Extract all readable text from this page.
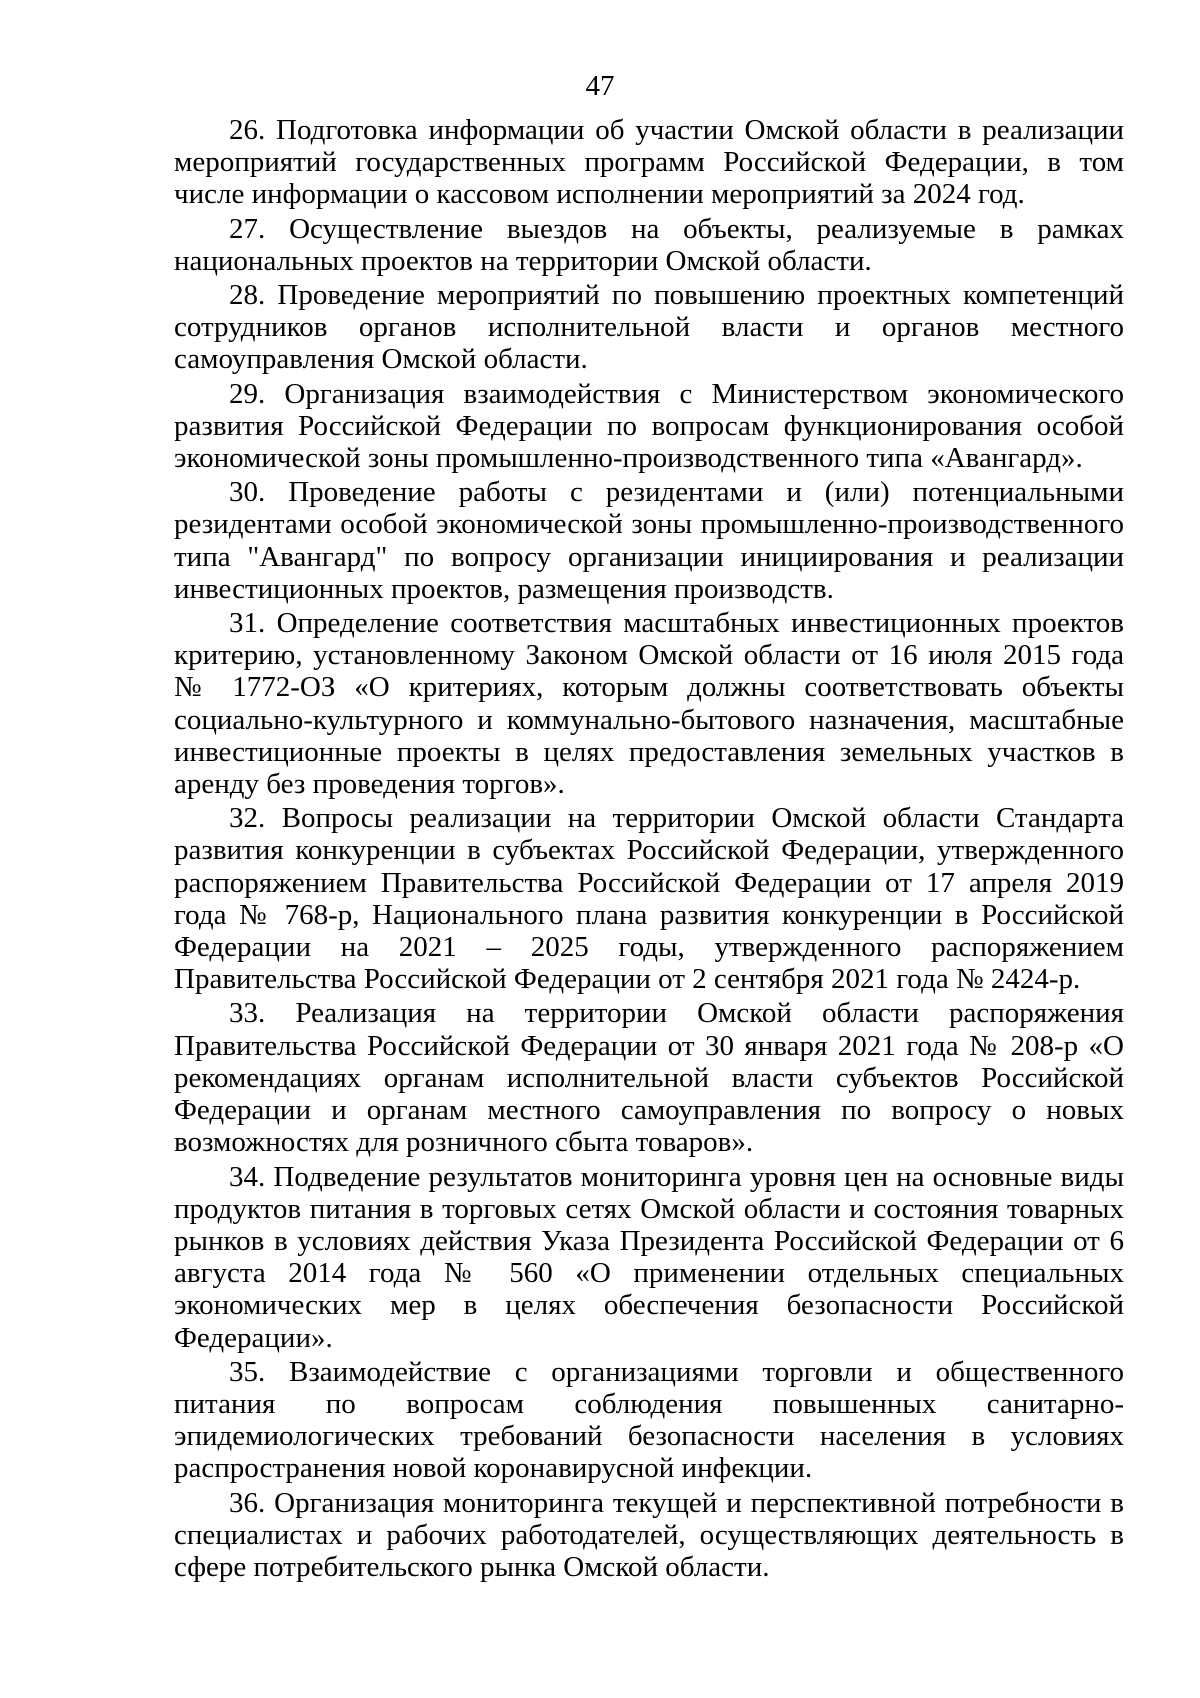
47

26. Подготовка информации об участии Омской области в реализации мероприятий государственных программ Российской Федерации, в том числе информации о кассовом исполнении мероприятий за 2024 год.

27. Осуществление выездов на объекты, реализуемые в рамках национальных проектов на территории Омской области.

28. Проведение мероприятий по повышению проектных компетенций сотрудников органов исполнительной власти и органов местного самоуправления Омской области.

29. Организация взаимодействия с Министерством экономического развития Российской Федерации по вопросам функционирования особой экономической зоны промышленно-производственного типа «Авангард».

30. Проведение работы с резидентами и (или) потенциальными резидентами особой экономической зоны промышленно-производственного типа "Авангард" по вопросу организации инициирования и реализации инвестиционных проектов, размещения производств.

31. Определение соответствия масштабных инвестиционных проектов критерию, установленному Законом Омской области от 16 июля 2015 года № 1772-ОЗ «О критериях, которым должны соответствовать объекты социально-культурного и коммунально-бытового назначения, масштабные инвестиционные проекты в целях предоставления земельных участков в аренду без проведения торгов».

32. Вопросы реализации на территории Омской области Стандарта развития конкуренции в субъектах Российской Федерации, утвержденного распоряжением Правительства Российской Федерации от 17 апреля 2019 года № 768-р, Национального плана развития конкуренции в Российской Федерации на 2021 – 2025 годы, утвержденного распоряжением Правительства Российской Федерации от 2 сентября 2021 года № 2424-р.

33. Реализация на территории Омской области распоряжения Правительства Российской Федерации от 30 января 2021 года № 208-р «О рекомендациях органам исполнительной власти субъектов Российской Федерации и органам местного самоуправления по вопросу о новых возможностях для розничного сбыта товаров».

34. Подведение результатов мониторинга уровня цен на основные виды продуктов питания в торговых сетях Омской области и состояния товарных рынков в условиях действия Указа Президента Российской Федерации от 6 августа 2014 года № 560 «О применении отдельных специальных экономических мер в целях обеспечения безопасности Российской Федерации».

35. Взаимодействие с организациями торговли и общественного питания по вопросам соблюдения повышенных санитарно-эпидемиологических требований безопасности населения в условиях распространения новой коронавирусной инфекции.

36. Организация мониторинга текущей и перспективной потребности в специалистах и рабочих работодателей, осуществляющих деятельность в сфере потребительского рынка Омской области.
